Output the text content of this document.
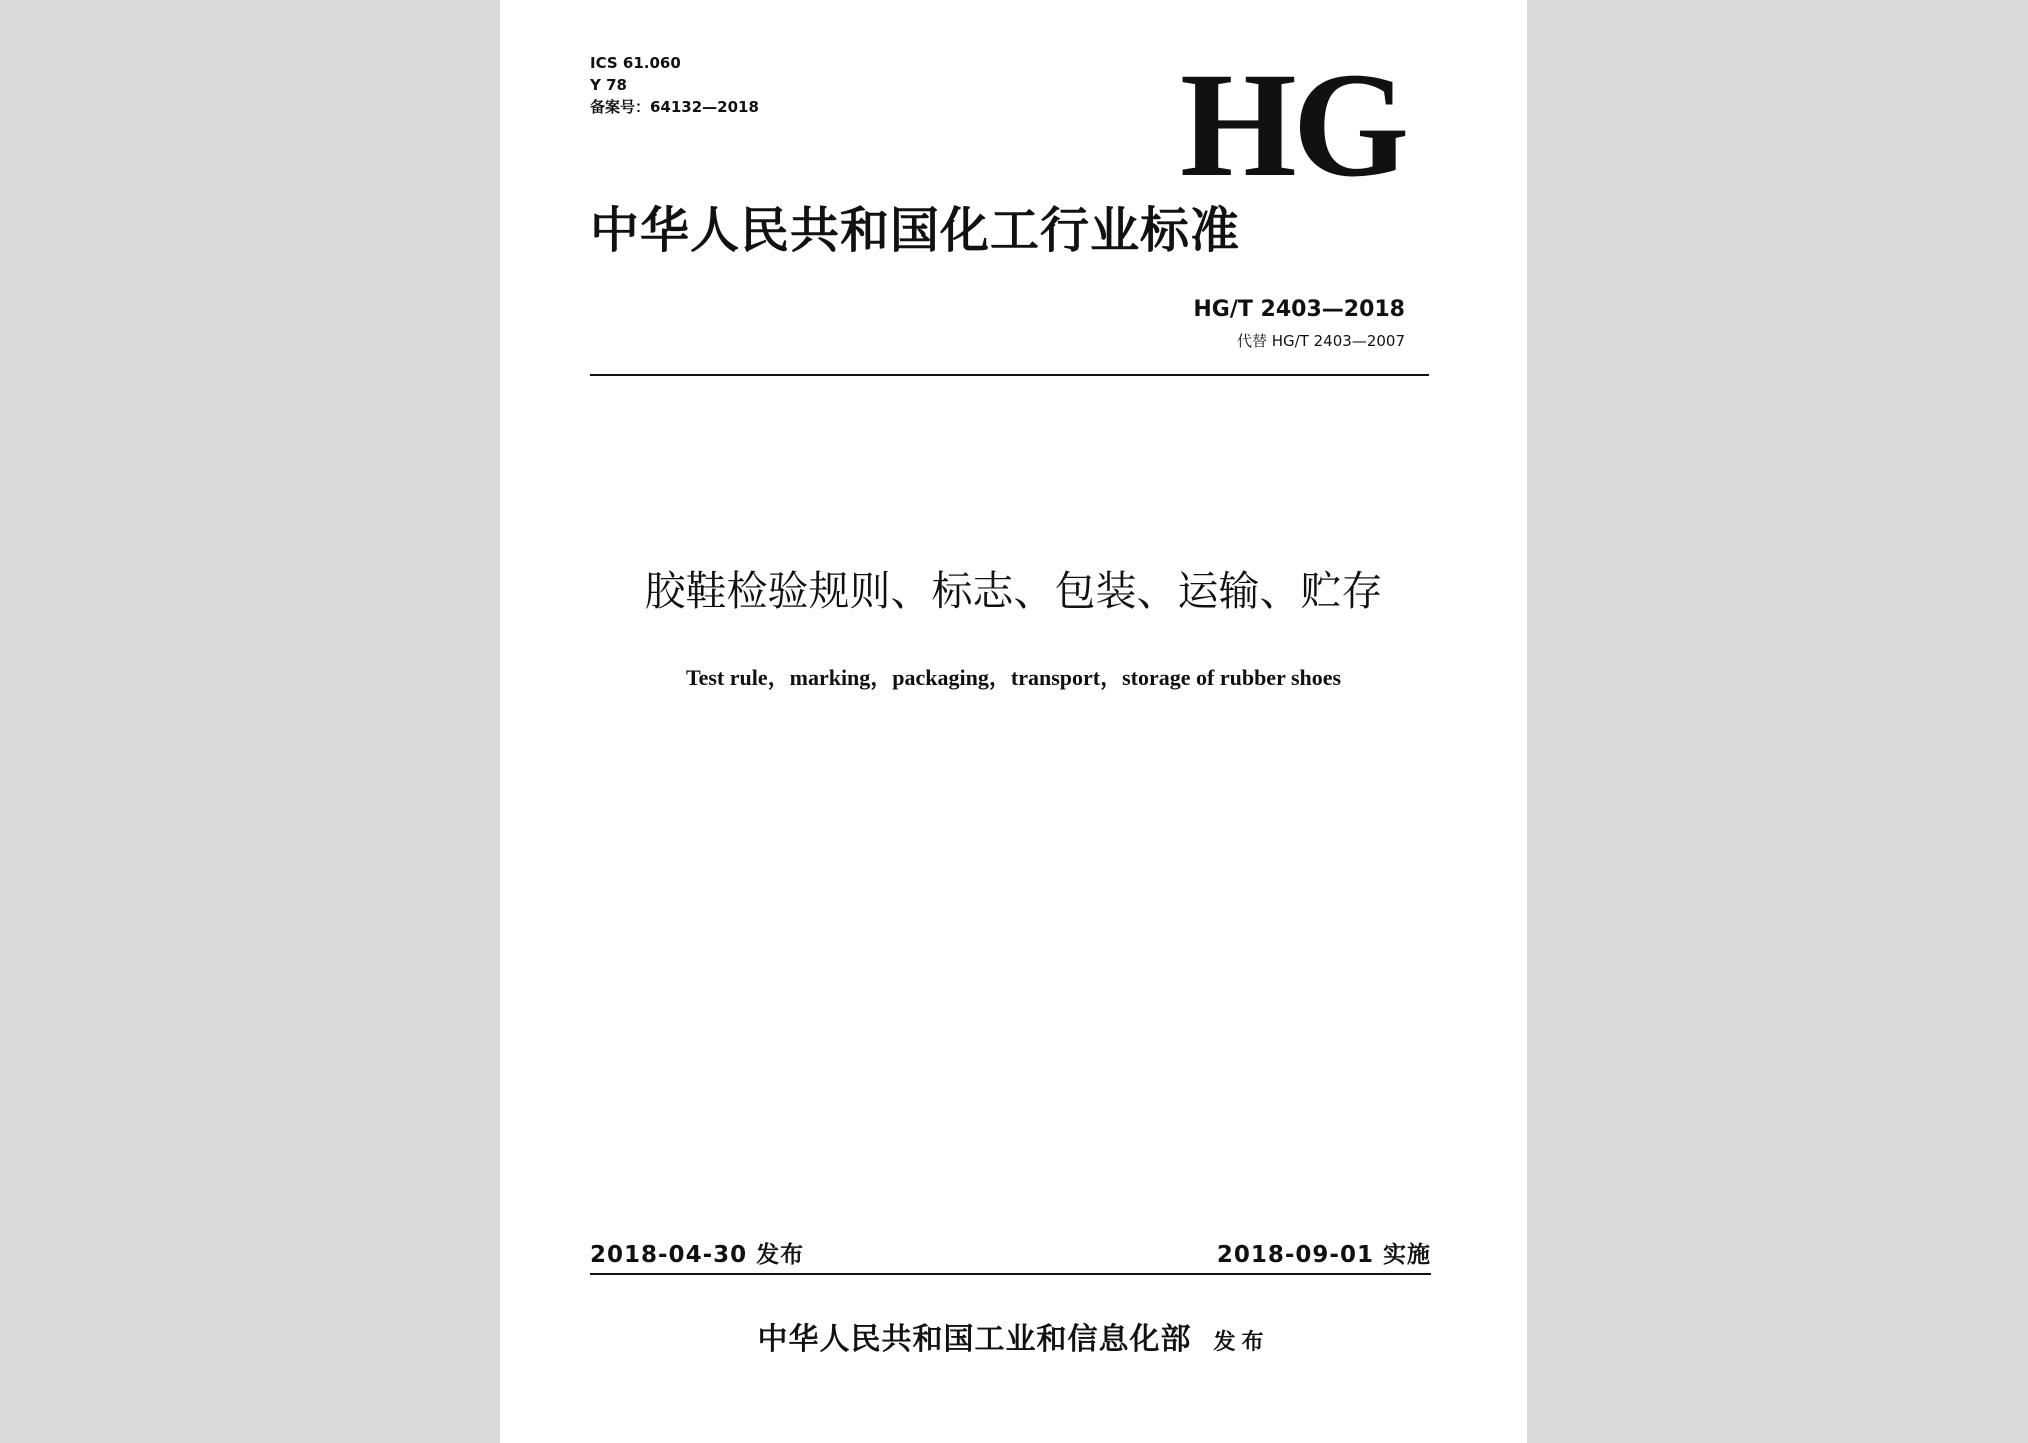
ICS 61.060
Y 78
备案号：64132—2018	HG
中华人民共和国化工行业标准
HG/T 2403—2018
代替 HG/T 2403—2007
胶鞋检验规则、标志、包装、运输、贮存
Test rule，marking，packaging，transport，storage of rubber shoes
2018-04-30 发布	2018-09-01 实施
中华人民共和国工业和信息化部 发布
